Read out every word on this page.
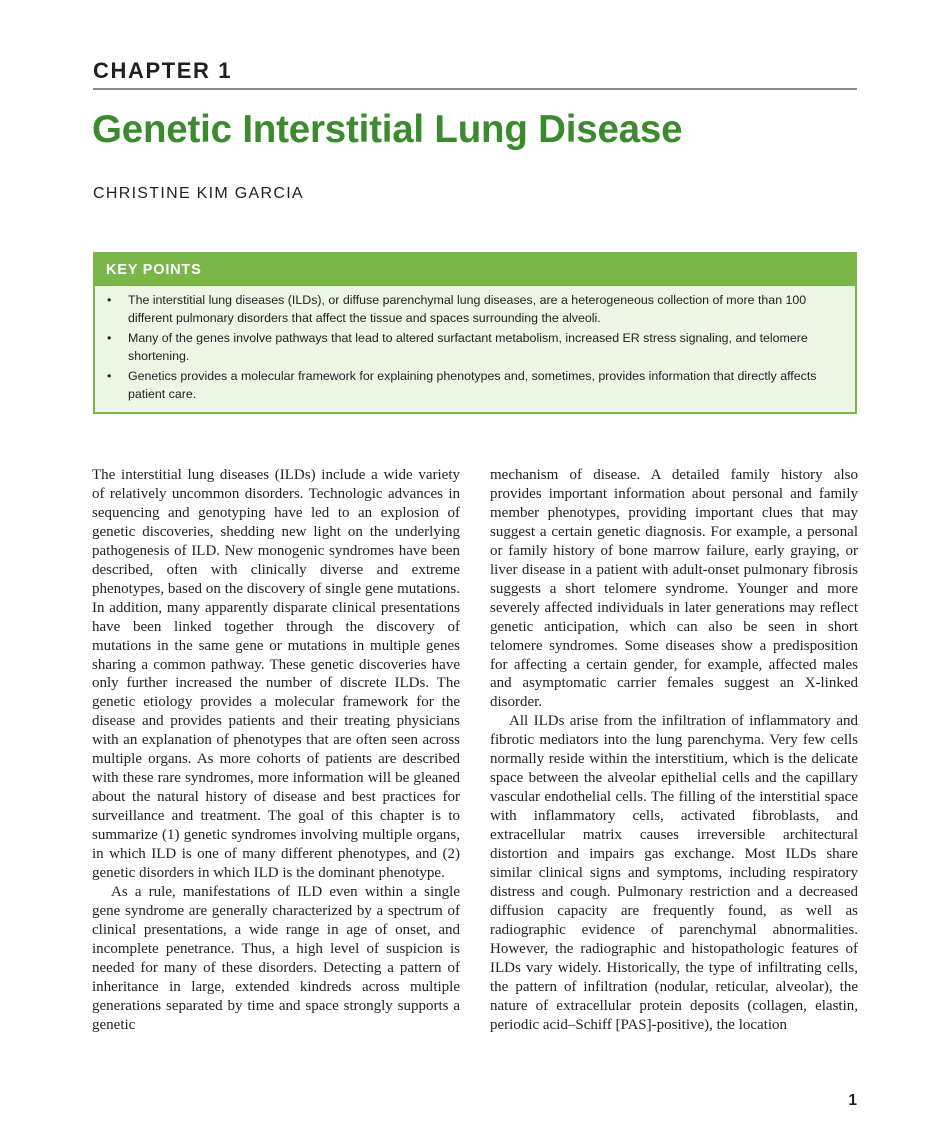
CHAPTER 1
Genetic Interstitial Lung Disease
CHRISTINE KIM GARCIA
KEY POINTS
• The interstitial lung diseases (ILDs), or diffuse parenchymal lung diseases, are a heterogeneous collection of more than 100 different pulmonary disorders that affect the tissue and spaces surrounding the alveoli.
• Many of the genes involve pathways that lead to altered surfactant metabolism, increased ER stress signaling, and telomere shortening.
• Genetics provides a molecular framework for explaining phenotypes and, sometimes, provides information that directly affects patient care.

The interstitial lung diseases (ILDs) include a wide variety of relatively uncommon disorders. Technologic advances in sequencing and genotyping have led to an explosion of genetic discoveries, shedding new light on the underlying pathogenesis of ILD. New monogenic syndromes have been described, often with clinically diverse and extreme phenotypes, based on the discovery of single gene mutations. In addition, many apparently disparate clinical presentations have been linked together through the discovery of mutations in the same gene or mutations in multiple genes sharing a common pathway. These genetic discoveries have only further increased the number of discrete ILDs. The genetic etiology provides a molecular framework for the disease and provides patients and their treating physicians with an explanation of phenotypes that are often seen across multiple organs. As more cohorts of patients are described with these rare syndromes, more information will be gleaned about the natural history of disease and best practices for surveillance and treatment. The goal of this chapter is to summarize (1) genetic syndromes involving multiple organs, in which ILD is one of many different phenotypes, and (2) genetic disorders in which ILD is the dominant phenotype.

As a rule, manifestations of ILD even within a single gene syndrome are generally characterized by a spectrum of clinical presentations, a wide range in age of onset, and incomplete penetrance. Thus, a high level of suspicion is needed for many of these disorders. Detecting a pattern of inheritance in large, extended kindreds across multiple generations separated by time and space strongly supports a genetic

mechanism of disease. A detailed family history also provides important information about personal and family member phenotypes, providing important clues that may suggest a certain genetic diagnosis. For example, a personal or family history of bone marrow failure, early graying, or liver disease in a patient with adult-onset pulmonary fibrosis suggests a short telomere syndrome. Younger and more severely affected individuals in later generations may reflect genetic anticipation, which can also be seen in short telomere syndromes. Some diseases show a predisposition for affecting a certain gender, for example, affected males and asymptomatic carrier females suggest an X-linked disorder.

All ILDs arise from the infiltration of inflammatory and fibrotic mediators into the lung parenchyma. Very few cells normally reside within the interstitium, which is the delicate space between the alveolar epithelial cells and the capillary vascular endothelial cells. The filling of the interstitial space with inflammatory cells, activated fibroblasts, and extracellular matrix causes irreversible architectural distortion and impairs gas exchange. Most ILDs share similar clinical signs and symptoms, including respiratory distress and cough. Pulmonary restriction and a decreased diffusion capacity are frequently found, as well as radiographic evidence of parenchymal abnormalities. However, the radiographic and histopathologic features of ILDs vary widely. Historically, the type of infiltrating cells, the pattern of infiltration (nodular, reticular, alveolar), the nature of extracellular protein deposits (collagen, elastin, periodic acid–Schiff [PAS]-positive), the location

1
